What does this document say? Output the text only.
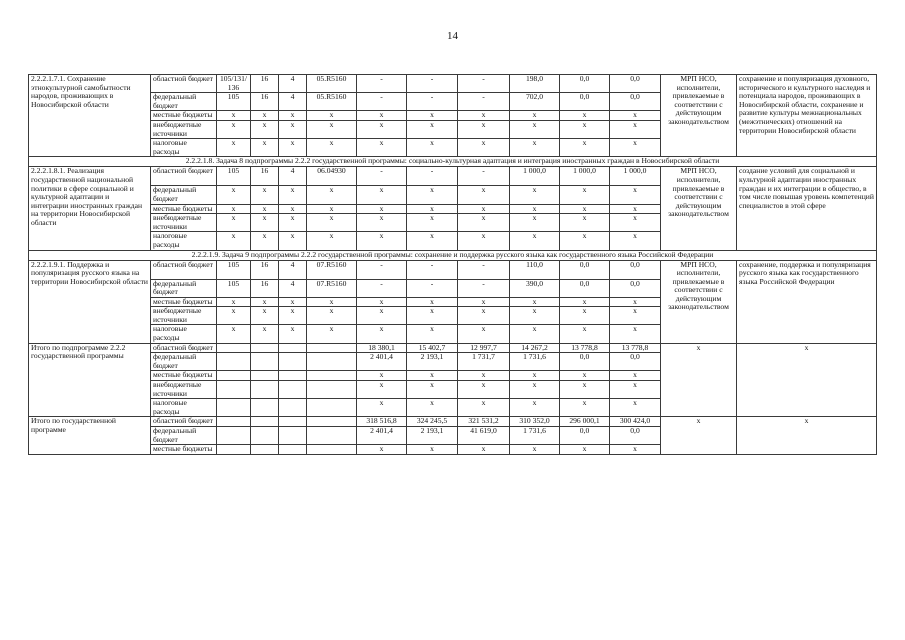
14
2.2.2.1.7.1. Сохранение этнокультурной самобытности народов, проживающих в Новосибирской области	областной бюджет	105/131/ 136	16	4	05.R5160	-	-	-	198,0	0,0	0,0	МРП НСО, исполнители, привлекаемые в соответствии с действующим законодательством	сохранение и популяризация духовного, исторического и культурного наследия и потенциала народов, проживающих в Новосибирской области, сохранение и развитие культуры межнациональных (межэтнических) отношений на территории Новосибирской области
	федеральный бюджет	105	16	4	05.R5160	-	-	-	702,0	0,0	0,0		
	местные бюджеты	x	x	x	x	x	x	x	x	x	x		
	внебюджетные источники	x	x	x	x	x	x	x	x	x	x		
	налоговые расходы	x	x	x	x	x	x	x	x	x	x		
2.2.2.1.8. Задача 8 подпрограммы 2.2.2 государственной программы: социально-культурная адаптация и интеграция иностранных граждан в Новосибирской области													
2.2.2.1.8.1. Реализация государственной национальной политики в сфере социальной и культурной адаптации и интеграции иностранных граждан на территории Новосибирской области	областной бюджет	105	16	4	06.04930	-	-	-	1 000,0	1 000,0	1 000,0	МРП НСО, исполнители, привлекаемые в соответствии с действующим законодательством	создание условий для социальной и культурной адаптации иностранных граждан и их интеграции в общество, в том числе повышая уровень компетенций специалистов в этой сфере
	федеральный бюджет	x	x	x	x	x	x	x	x	x	x		
	местные бюджеты	x	x	x	x	x	x	x	x	x	x		
	внебюджетные источники	x	x	x	x	x	x	x	x	x	x		
	налоговые расходы	x	x	x	x	x	x	x	x	x	x		
2.2.2.1.9. Задача 9 подпрограммы 2.2.2 государственной программы: сохранение и поддержка русского языка как государственного языка Российской Федерации													
2.2.2.1.9.1. Поддержка и популяризация русского языка на территории Новосибирской области	областной бюджет	105	16	4	07.R5160	-	-	-	110,0	0,0	0,0	МРП НСО, исполнители, привлекаемые в соответствии с действующим законодательством	сохранение, поддержка и популяризация русского языка как государственного языка Российской Федерации
	федеральный бюджет	105	16	4	07.R5160	-	-	-	390,0	0,0	0,0		
	местные бюджеты	x	x	x	x	x	x	x	x	x	x		
	внебюджетные источники	x	x	x	x	x	x	x	x	x	x		
	налоговые расходы	x	x	x	x	x	x	x	x	x	x		
Итого по подпрограмме 2.2.2 государственной программы	областной бюджет					18 380,1	15 402,7	12 997,7	14 267,2	13 778,8	13 778,8	x	x
	федеральный бюджет					2 401,4	2 193,1	1 731,7	1 731,6	0,0	0,0		
	местные бюджеты					x	x	x	x	x	x		
	внебюджетные источники					x	x	x	x	x	x		
	налоговые расходы					x	x	x	x	x	x		
Итого по государственной программе	областной бюджет					318 516,8	324 245,5	321 531,2	310 352,0	296 000,1	300 424,0	x	x
	федеральный бюджет					2 401,4	2 193,1	41 619,0	1 731,6	0,0	0,0		
	местные бюджеты					x	x	x	x	x	x		
